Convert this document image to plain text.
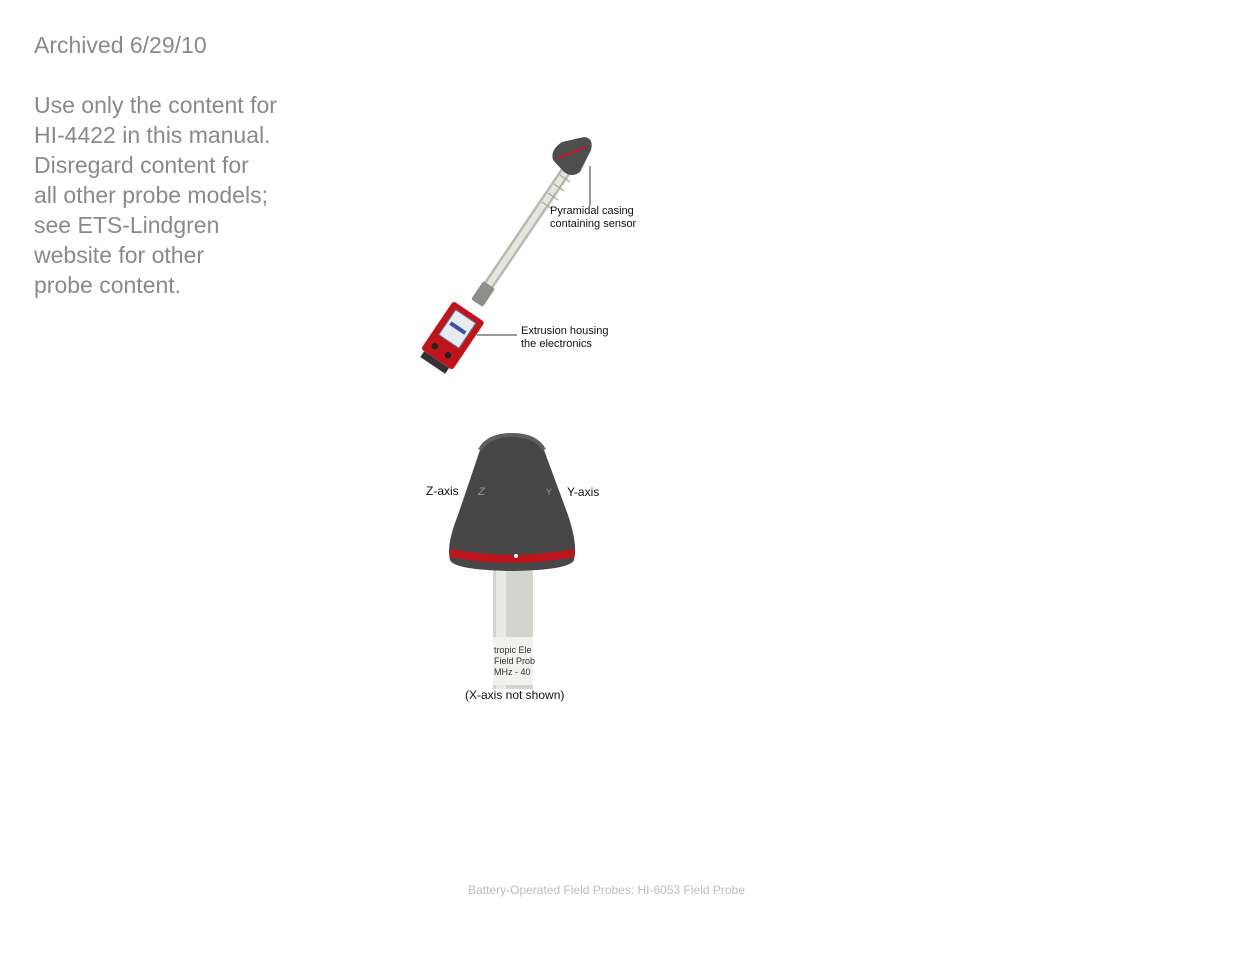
Archived 6/29/10
Use only the content for
HI-4422 in this manual.
Disregard content for
all other probe models;
see ETS-Lindgren
website for other
probe content.
Pyramidal casing
containing sensor
Extrusion housing
the electronics
tropic Ele
Field Prob
MHz - 40
Z	Y
Z-axis	Y-axis
(X-axis not shown)
Battery-Operated Field Probes: HI-6053 Field Probe
